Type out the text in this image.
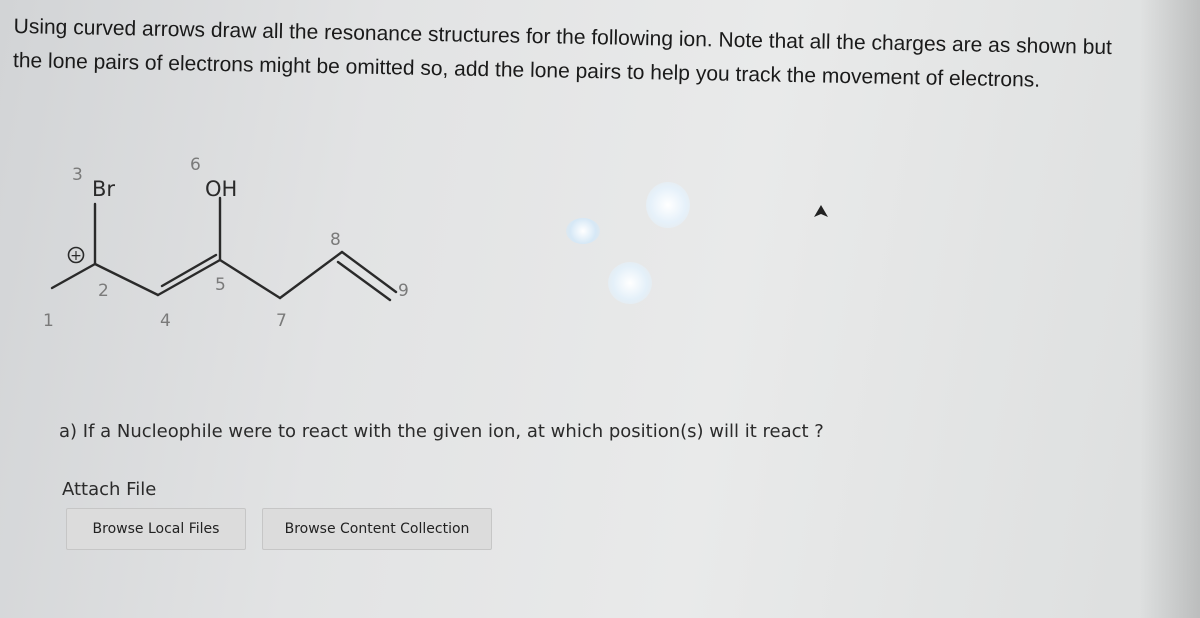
Using curved arrows draw all the resonance structures for the following ion. Note that all the charges are as shown but
the lone pairs of electrons might be omitted so, add the lone pairs to help you track the movement of electrons.
+
Br	OH
3	6
1
2
4
5
7
8
9

a) If a Nucleophile were to react with the given ion, at which position(s) will it react ?

Attach File

Browse Local Files	Browse Content Collection
